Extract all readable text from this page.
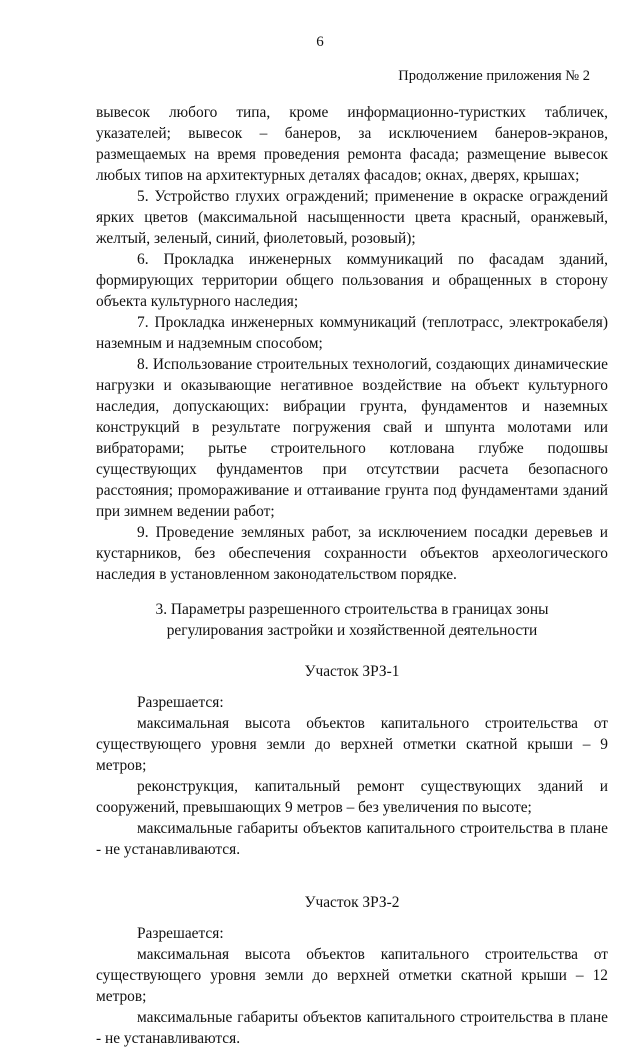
6
Продолжение приложения № 2

вывесок любого типа, кроме информационно-туристких табличек, указателей; вывесок – банеров, за исключением банеров-экранов, размещаемых на время проведения ремонта фасада; размещение вывесок любых типов на архитектурных деталях фасадов; окнах, дверях, крышах;

5. Устройство глухих ограждений; применение в окраске ограждений ярких цветов (максимальной насыщенности цвета красный, оранжевый, желтый, зеленый, синий, фиолетовый, розовый);

6. Прокладка инженерных коммуникаций по фасадам зданий, формирующих территории общего пользования и обращенных в сторону объекта культурного наследия;

7. Прокладка инженерных коммуникаций (теплотрасс, электрокабеля) наземным и надземным способом;

8. Использование строительных технологий, создающих динамические нагрузки и оказывающие негативное воздействие на объект культурного наследия, допускающих: вибрации грунта, фундаментов и наземных конструкций в результате погружения свай и шпунта молотами или вибраторами; рытье строительного котлована глубже подошвы существующих фундаментов при отсутствии расчета безопасного расстояния; промораживание и оттаивание грунта под фундаментами зданий при зимнем ведении работ;

9. Проведение земляных работ, за исключением посадки деревьев и кустарников, без обеспечения сохранности объектов археологического наследия в установленном законодательством порядке.

3. Параметры разрешенного строительства в границах зоны регулирования застройки и хозяйственной деятельности

Участок ЗРЗ-1

Разрешается:

максимальная высота объектов капитального строительства от существующего уровня земли до верхней отметки скатной крыши – 9 метров;

реконструкция, капитальный ремонт существующих зданий и сооружений, превышающих 9 метров – без увеличения по высоте;

максимальные габариты объектов капитального строительства в плане - не устанавливаются.

Участок ЗРЗ-2

Разрешается:

максимальная высота объектов капитального строительства от существующего уровня земли до верхней отметки скатной крыши – 12 метров;

максимальные габариты объектов капитального строительства в плане - не устанавливаются.
